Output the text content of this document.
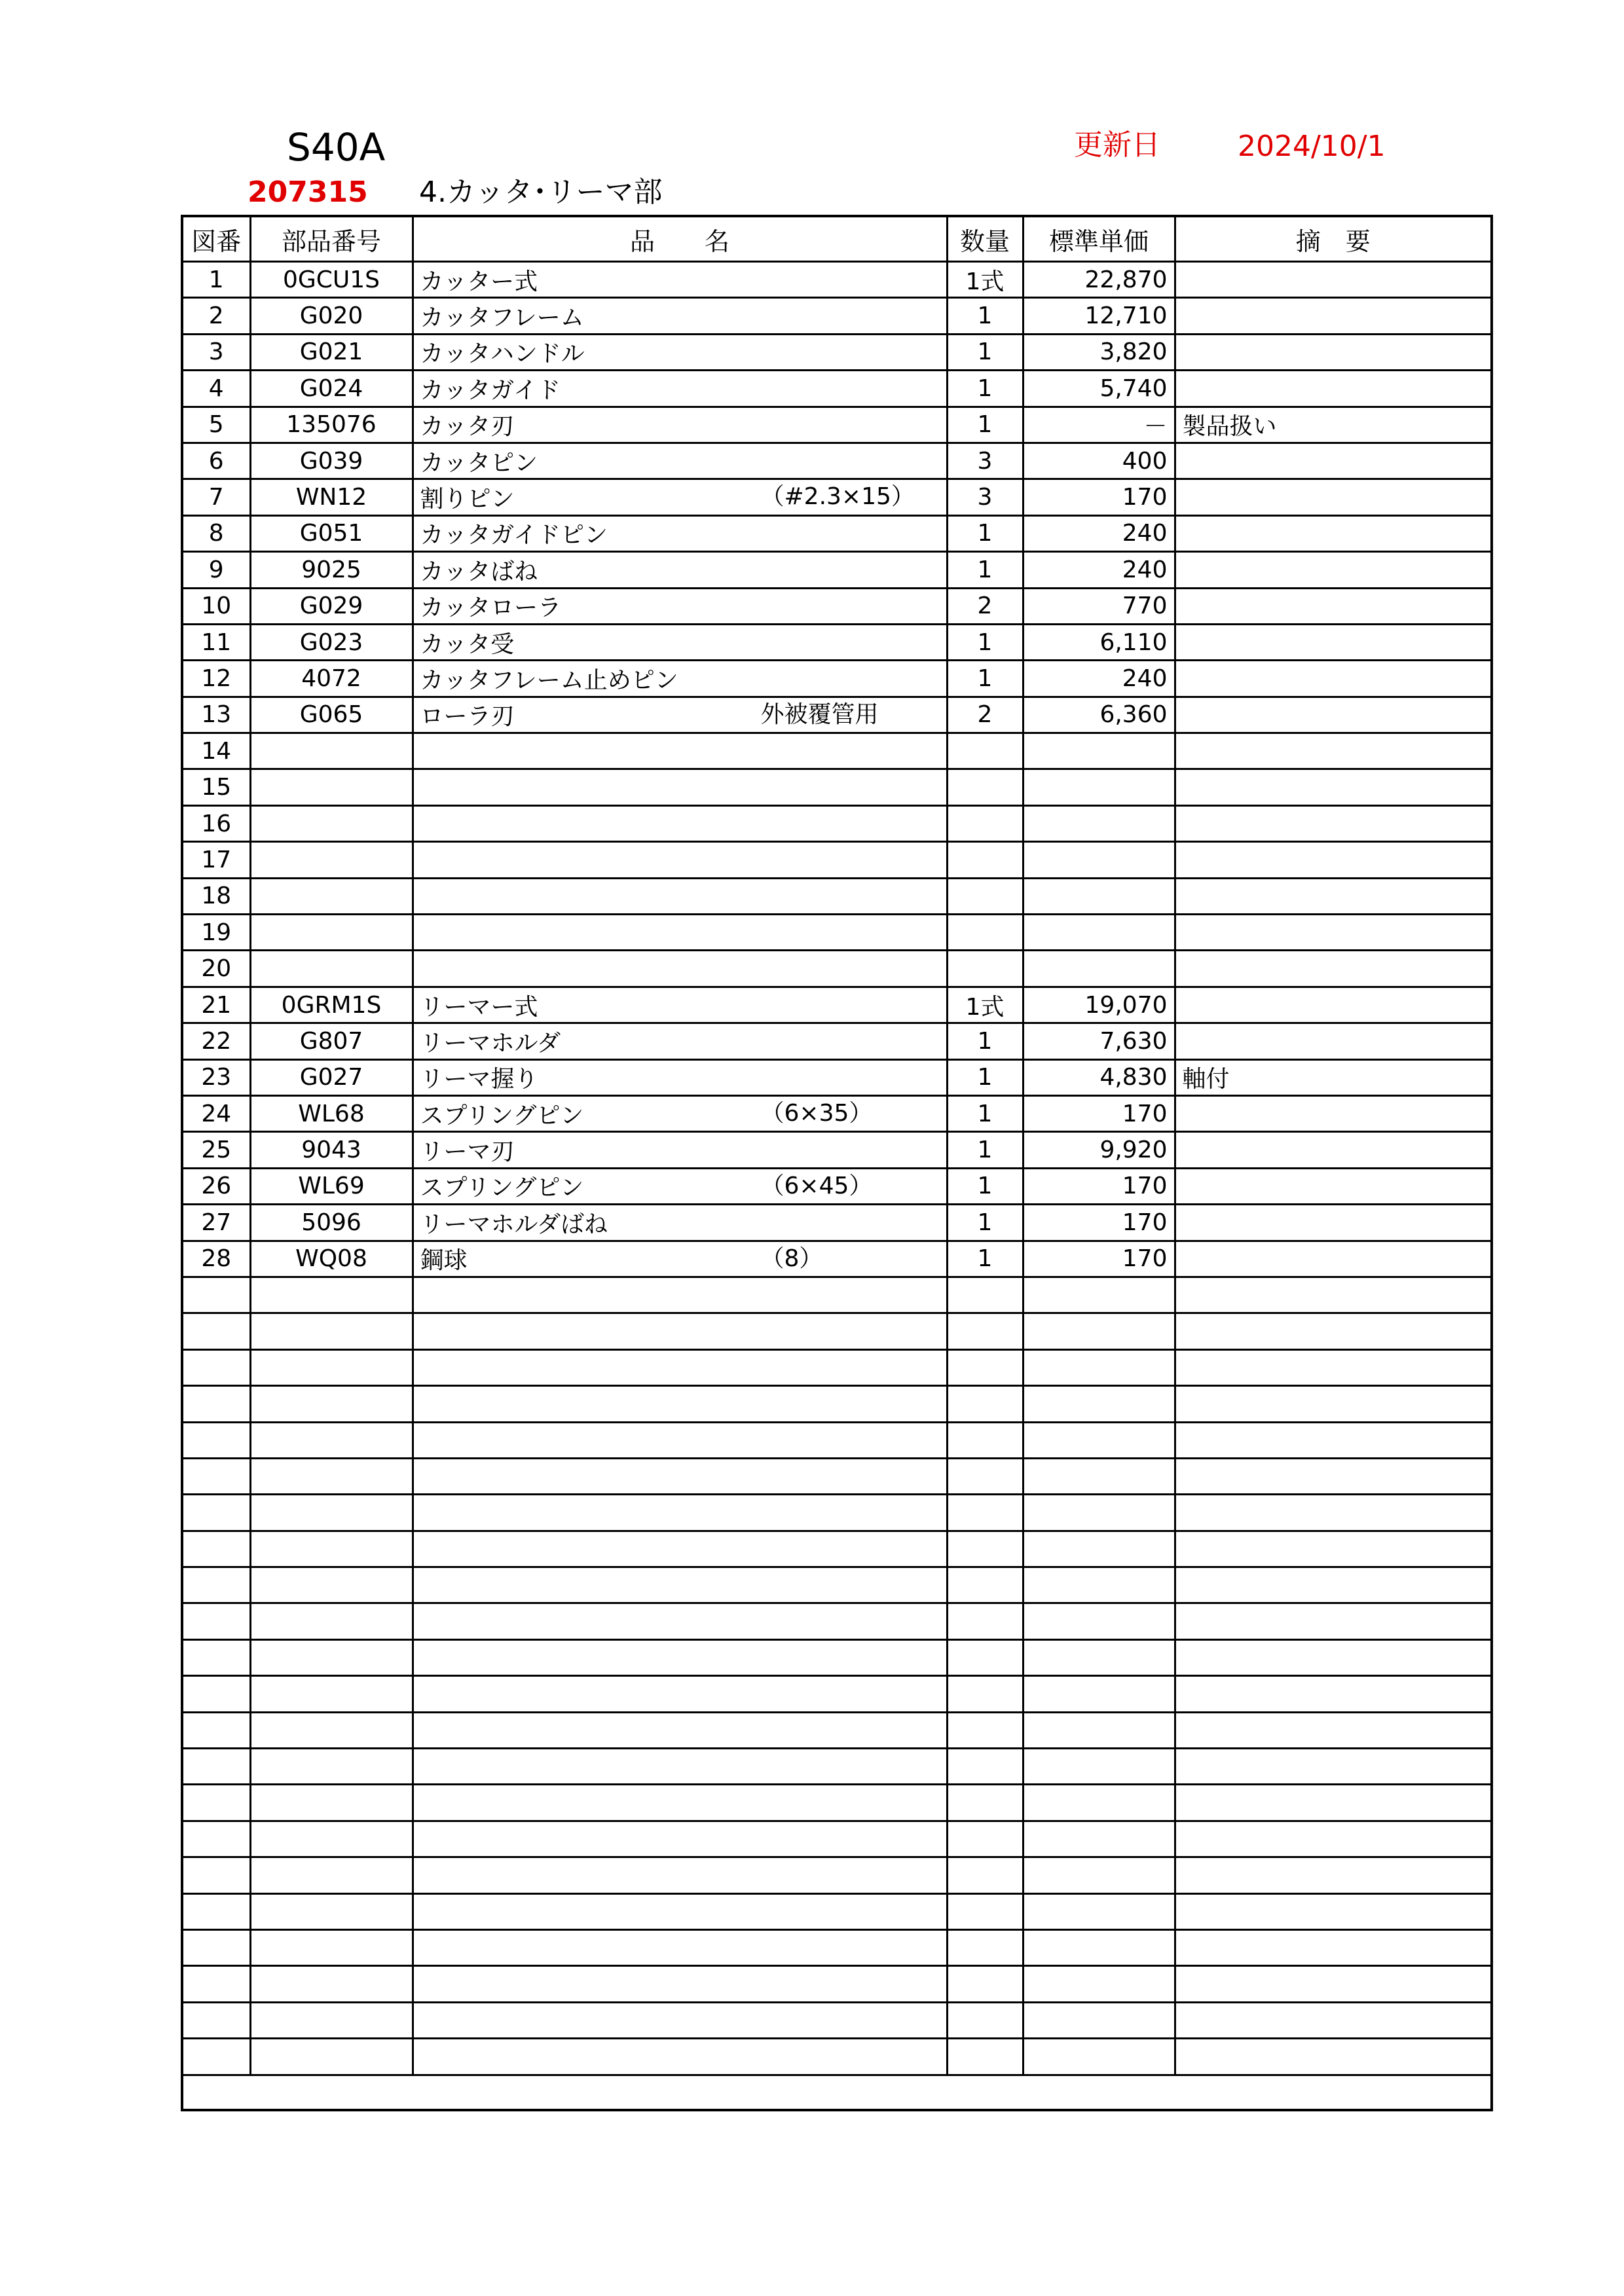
S40A	更新日	2024/10/1
207315 4.カッタ･リーマ部
図番	部品番号	品　　名	数量	標準単価	摘　要
1	0GCU1S	カッター式	1式	22,870	
2	G020	カッタフレーム	1	12,710	
3	G021	カッタハンドル	1	3,820	
4	G024	カッタガイド	1	5,740	
5	135076	カッタ刃	1	－	製品扱い
6	G039	カッタピン	3	400	
7	WN12	割りピン （#2.3×15）	3	170	
8	G051	カッタガイドピン	1	240	
9	9025	カッタばね	1	240	
10	G029	カッタローラ	2	770	
11	G023	カッタ受	1	6,110	
12	4072	カッタフレーム止めピン	1	240	
13	G065	ローラ刃 外被覆管用	2	6,360	
14		

15		

16		

17		

18		

19		

20		

21	0GRM1S	リーマー式	1式	19,070	
22	G807	リーマホルダ	1	7,630	
23	G027	リーマ握り	1	4,830	軸付
24	WL68	スプリングピン （6×35）	1	170	
25	9043	リーマ刃	1	9,920	
26	WL69	スプリングピン （6×45）	1	170	
27	5096	リーマホルダばね	1	170	
28	WQ08	鋼球 （8）	1	170	
